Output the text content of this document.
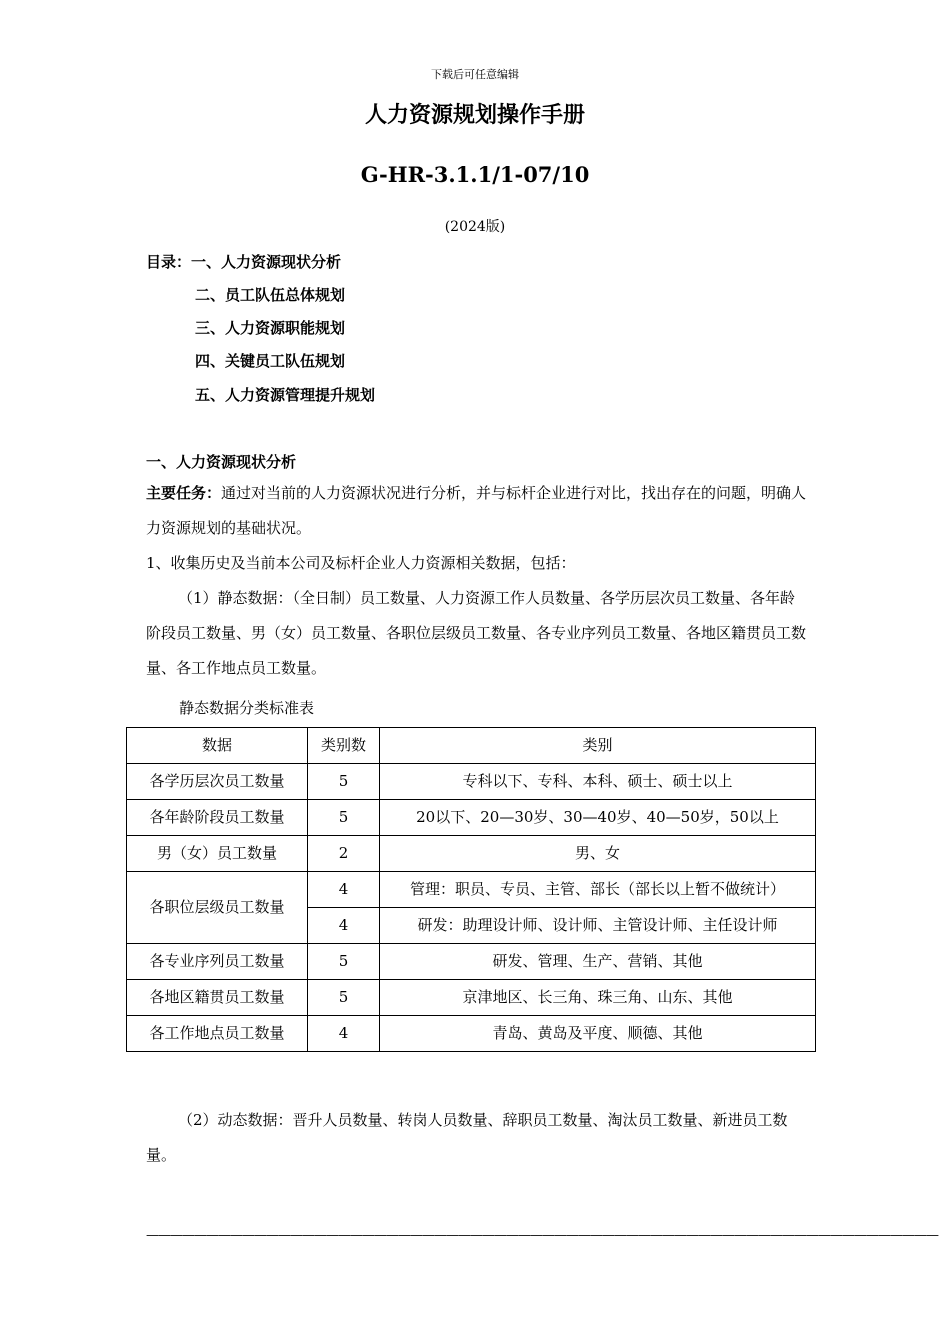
下载后可任意编辑
人力资源规划操作手册
G-HR-3.1.1/1-07/10
(2024版)
目录：一、人力资源现状分析
二、员工队伍总体规划
三、人力资源职能规划
四、关键员工队伍规划
五、人力资源管理提升规划
一、人力资源现状分析
主要任务：通过对当前的人力资源状况进行分析，并与标杆企业进行对比，找出存在的问题，明确人力资源规划的基础状况。
1、收集历史及当前本公司及标杆企业人力资源相关数据，包括：
（1）静态数据：（全日制）员工数量、人力资源工作人员数量、各学历层次员工数量、各年龄阶段员工数量、男（女）员工数量、各职位层级员工数量、各专业序列员工数量、各地区籍贯员工数量、各工作地点员工数量。
静态数据分类标准表
数据	类别数	类别
各学历层次员工数量	5	专科以下、专科、本科、硕士、硕士以上
各年龄阶段员工数量	5	20以下、20—30岁、30—40岁、40—50岁，50以上
男（女）员工数量	2	男、女
各职位层级员工数量	4	管理：职员、专员、主管、部长（部长以上暂不做统计）
	4	研发：助理设计师、设计师、主管设计师、主任设计师
各专业序列员工数量	5	研发、管理、生产、营销、其他
各地区籍贯员工数量	5	京津地区、长三角、珠三角、山东、其他
各工作地点员工数量	4	青岛、黄岛及平度、顺德、其他
（2）动态数据：晋升人员数量、转岗人员数量、辞职员工数量、淘汰员工数量、新进员工数量。
——————————————————————————————————————————————————————————————————
